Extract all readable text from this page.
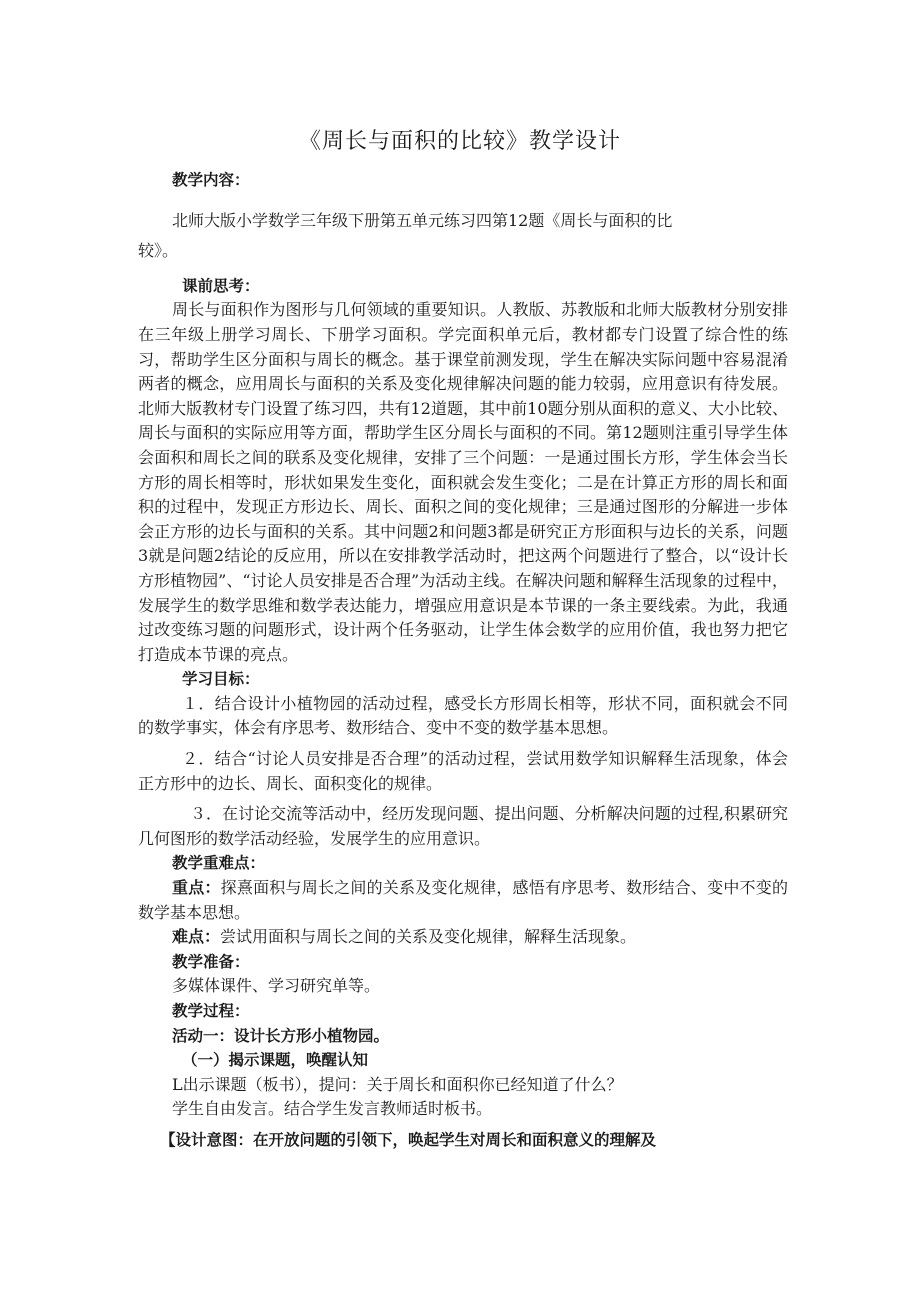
《周长与面积的比较》教学设计

教学内容：

北师大版小学数学三年级下册第五单元练习四第12题《周长与面积的比

较》。

课前思考：

周长与面积作为图形与几何领域的重要知识。人教版、苏教版和北师大版教材分别安排在三年级上册学习周长、下册学习面积。学完面积单元后，教材都专门设置了综合性的练习，帮助学生区分面积与周长的概念。基于课堂前测发现，学生在解决实际问题中容易混淆两者的概念，应用周长与面积的关系及变化规律解决问题的能力较弱，应用意识有待发展。北师大版教材专门设置了练习四，共有12道题，其中前10题分别从面积的意义、大小比较、周长与面积的实际应用等方面，帮助学生区分周长与面积的不同。第12题则注重引导学生体会面积和周长之间的联系及变化规律，安排了三个问题：一是通过围长方形，学生体会当长方形的周长相等时，形状如果发生变化，面积就会发生变化；二是在计算正方形的周长和面积的过程中，发现正方形边长、周长、面积之间的变化规律；三是通过图形的分解进一步体会正方形的边长与面积的关系。其中问题2和问题3都是研究正方形面积与边长的关系，问题3就是问题2结论的反应用，所以在安排教学活动时，把这两个问题进行了整合，以“设计长方形植物园”、“讨论人员安排是否合理”为活动主线。在解决问题和解释生活现象的过程中，发展学生的数学思维和数学表达能力，增强应用意识是本节课的一条主要线索。为此，我通过改变练习题的问题形式，设计两个任务驱动，让学生体会数学的应用价值，我也努力把它打造成本节课的亮点。

学习目标：

１．结合设计小植物园的活动过程，感受长方形周长相等，形状不同，面积就会不同的数学事实，体会有序思考、数形结合、变中不变的数学基本思想。

２．结合“讨论人员安排是否合理”的活动过程，尝试用数学知识解释生活现象，体会正方形中的边长、周长、面积变化的规律。

３．在讨论交流等活动中，经历发现问题、提出问题、分析解决问题的过程,积累研究几何图形的数学活动经验，发展学生的应用意识。

教学重难点：

重点：探熹面积与周长之间的关系及变化规律，感悟有序思考、数形结合、变中不变的数学基本思想。

难点：尝试用面积与周长之间的关系及变化规律，解释生活现象。

教学准备：

多媒体课件、学习研究单等。

教学过程：

活动一：设计长方形小植物园。

（一）揭示课题，唤醒认知

L出示课题（板书），提问：关于周长和面积你已经知道了什么？

学生自由发言。结合学生发言教师适时板书。

【设计意图：在开放问题的引领下，唤起学生对周长和面积意义的理解及
